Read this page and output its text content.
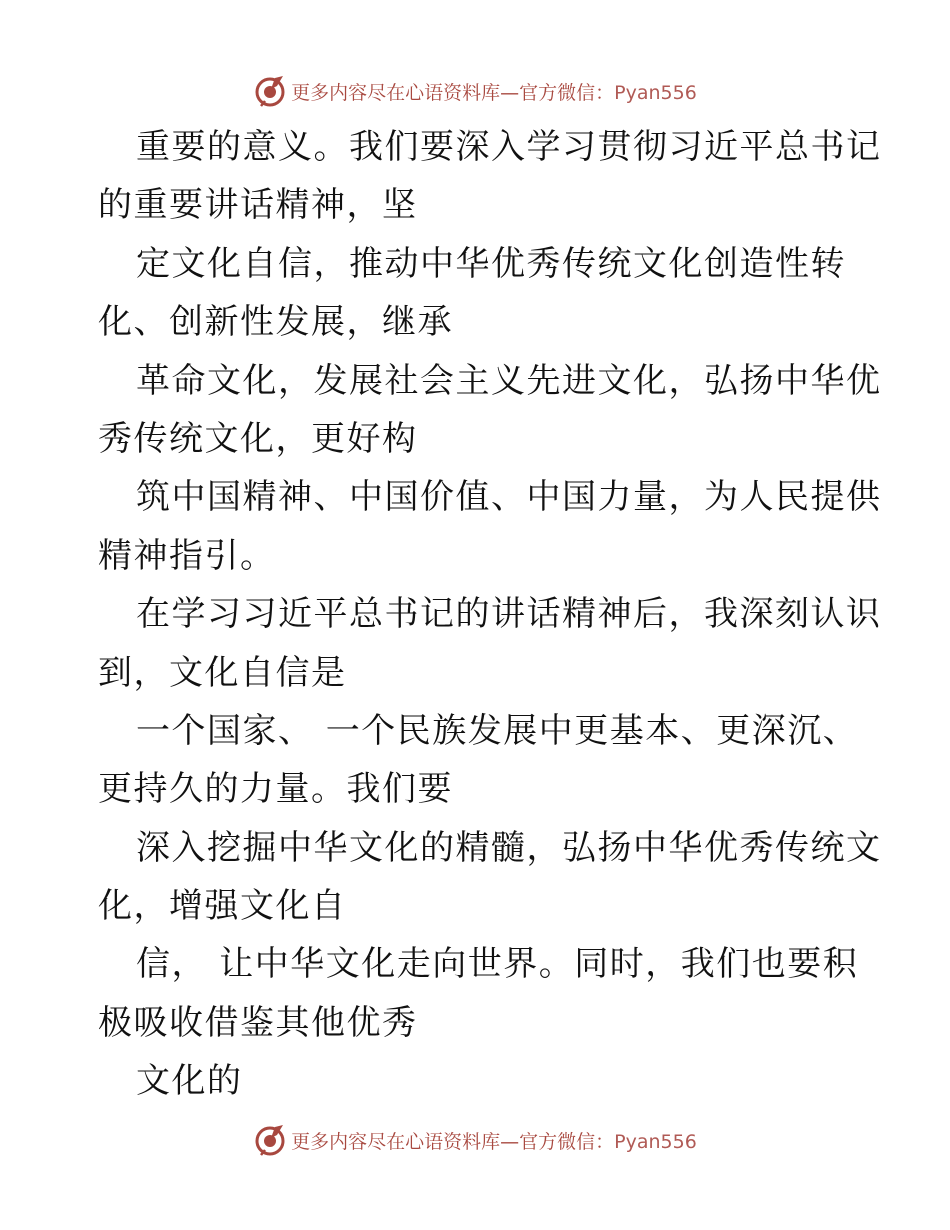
更多内容尽在心语资料库—官方微信：Pyan556
重要的意义。我们要深入学习贯彻习近平总书记
的重要讲话精神，坚
定文化自信，推动中华优秀传统文化创造性转
化、创新性发展，继承
革命文化，发展社会主义先进文化，弘扬中华优
秀传统文化，更好构
筑中国精神、中国价值、中国力量，为人民提供
精神指引。
在学习习近平总书记的讲话精神后，我深刻认识
到，文化自信是
一个国家、 一个民族发展中更基本、更深沉、
更持久的力量。我们要
深入挖掘中华文化的精髓，弘扬中华优秀传统文
化，增强文化自
信， 让中华文化走向世界。同时，我们也要积
极吸收借鉴其他优秀
文化的
更多内容尽在心语资料库—官方微信：Pyan556
